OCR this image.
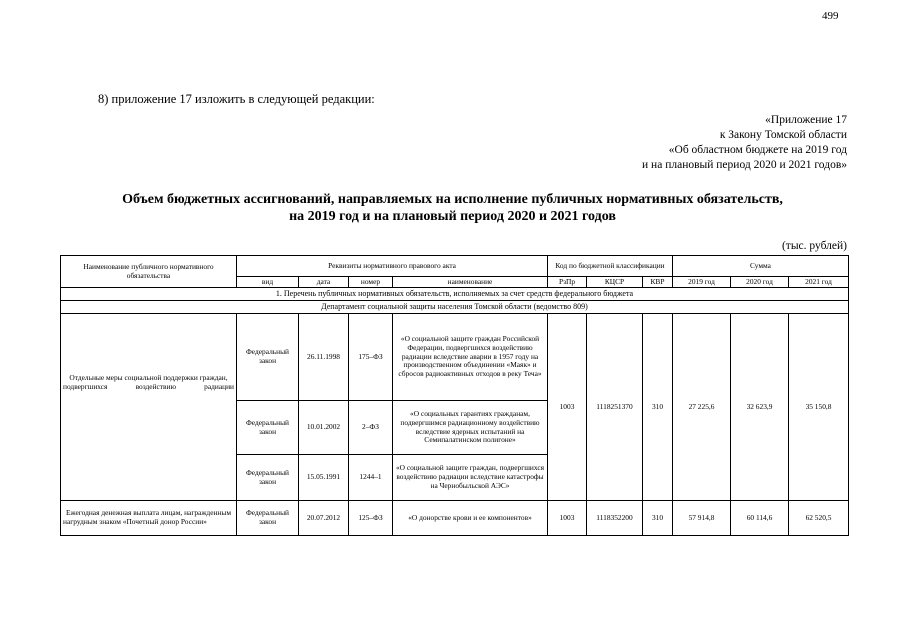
499
8) приложение 17 изложить в следующей редакции:
«Приложение 17
к Закону Томской области
«Об областном бюджете на 2019 год
и на плановый период 2020 и 2021 годов»
Объем бюджетных ассигнований, направляемых на исполнение публичных нормативных обязательств,
на 2019 год и на плановый период 2020 и 2021 годов
(тыс. рублей)
Наименование публичного нормативного обязательства	Реквизиты нормативного правового акта				Код по бюджетной классификации			Сумма		
	вид	дата	номер	наименование	РзПр	КЦСР	КВР	2019 год	2020 год	2021 год
1. Перечень публичных нормативных обязательств, исполняемых за счет средств федерального бюджета										
Департамент социальной защиты населения Томской области (ведомство 809)										
Отдельные меры социальной поддержки граждан, подвергшихся воздействию радиации	Федеральный закон	26.11.1998	175–ФЗ	«О социальной защите граждан Российской Федерации, подвергшихся воздействию радиации вследствие аварии в 1957 году на производственном объединении «Маяк» и сбросов радиоактивных отходов в реку Теча»	1003	1118251370	310	27 225,6	32 623,9	35 150,8
	Федеральный закон	10.01.2002	2–ФЗ	«О социальных гарантиях гражданам, подвергшимся радиационному воздействию вследствие ядерных испытаний на Семипалатинском полигоне»						
	Федеральный закон	15.05.1991	1244–1	«О социальной защите граждан, подвергшихся воздействию радиации вследствие катастрофы на Чернобыльской АЭС»						
Ежегодная денежная выплата лицам, награжденным нагрудным знаком «Почетный донор России»	Федеральный закон	20.07.2012	125–ФЗ	«О донорстве крови и ее компонентов»	1003	1118352200	310	57 914,8	60 114,6	62 520,5
